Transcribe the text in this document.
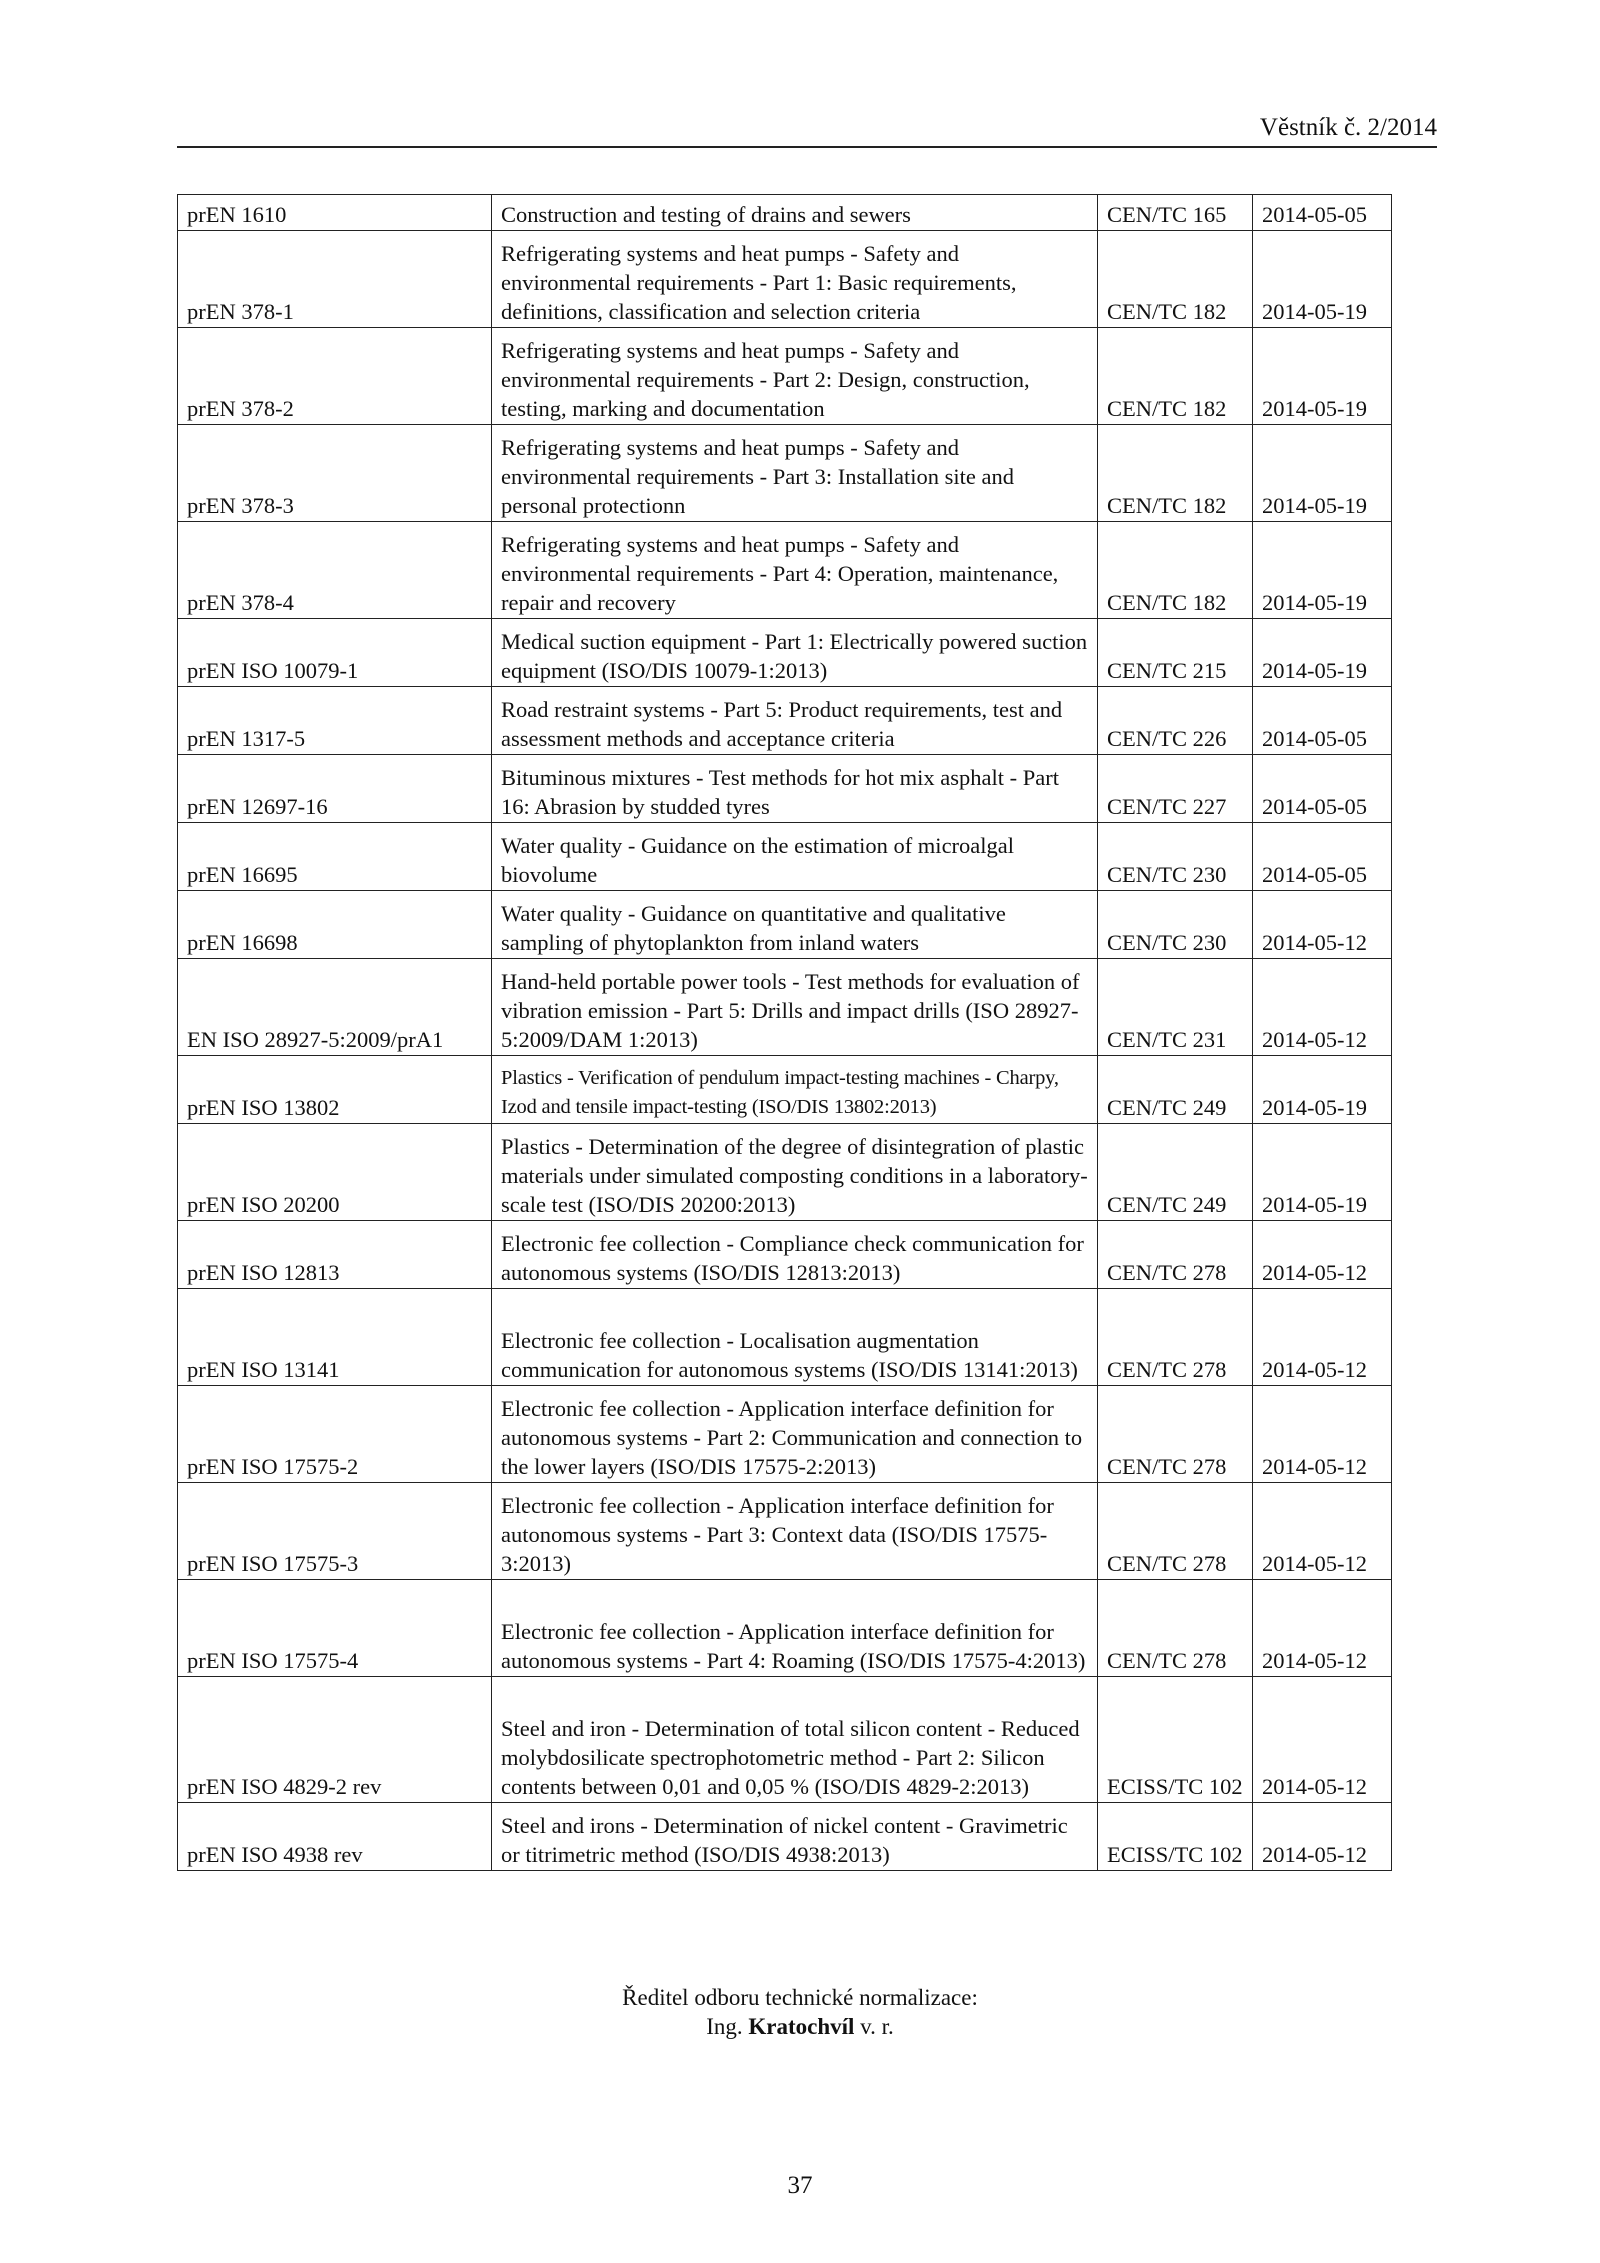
Věstník č. 2/2014
prEN 1610	Construction and testing of drains and sewers	CEN/TC 165	2014-05-05
prEN 378-1	Refrigerating systems and heat pumps - Safety and environmental requirements - Part 1: Basic requirements, definitions, classification and selection criteria	CEN/TC 182	2014-05-19
prEN 378-2	Refrigerating systems and heat pumps - Safety and environmental requirements - Part 2: Design, construction, testing, marking and documentation	CEN/TC 182	2014-05-19
prEN 378-3	Refrigerating systems and heat pumps - Safety and environmental requirements - Part 3: Installation site and personal protectionn	CEN/TC 182	2014-05-19
prEN 378-4	Refrigerating systems and heat pumps - Safety and environmental requirements - Part 4: Operation, maintenance, repair and recovery	CEN/TC 182	2014-05-19
prEN ISO 10079-1	Medical suction equipment - Part 1: Electrically powered suction equipment (ISO/DIS 10079-1:2013)	CEN/TC 215	2014-05-19
prEN 1317-5	Road restraint systems - Part 5: Product requirements, test and assessment methods and acceptance criteria	CEN/TC 226	2014-05-05
prEN 12697-16	Bituminous mixtures - Test methods for hot mix asphalt - Part 16: Abrasion by studded tyres	CEN/TC 227	2014-05-05
prEN 16695	Water quality - Guidance on the estimation of microalgal biovolume	CEN/TC 230	2014-05-05
prEN 16698	Water quality - Guidance on quantitative and qualitative sampling of phytoplankton from inland waters	CEN/TC 230	2014-05-12
EN ISO 28927-5:2009/prA1	Hand-held portable power tools - Test methods for evaluation of vibration emission - Part 5: Drills and impact drills (ISO 28927-5:2009/DAM 1:2013)	CEN/TC 231	2014-05-12
prEN ISO 13802	Plastics - Verification of pendulum impact-testing machines - Charpy, Izod and tensile impact-testing (ISO/DIS 13802:2013)	CEN/TC 249	2014-05-19
prEN ISO 20200	Plastics - Determination of the degree of disintegration of plastic materials under simulated composting conditions in a laboratory-scale test (ISO/DIS 20200:2013)	CEN/TC 249	2014-05-19
prEN ISO 12813	Electronic fee collection - Compliance check communication for autonomous systems (ISO/DIS 12813:2013)	CEN/TC 278	2014-05-12
prEN ISO 13141	Electronic fee collection - Localisation augmentation communication for autonomous systems (ISO/DIS 13141:2013)	CEN/TC 278	2014-05-12
prEN ISO 17575-2	Electronic fee collection - Application interface definition for autonomous systems - Part 2: Communication and connection to the lower layers (ISO/DIS 17575-2:2013)	CEN/TC 278	2014-05-12
prEN ISO 17575-3	Electronic fee collection - Application interface definition for autonomous systems - Part 3: Context data (ISO/DIS 17575-3:2013)	CEN/TC 278	2014-05-12
prEN ISO 17575-4	Electronic fee collection - Application interface definition for autonomous systems - Part 4: Roaming (ISO/DIS 17575-4:2013)	CEN/TC 278	2014-05-12
prEN ISO 4829-2 rev	Steel and iron - Determination of total silicon content - Reduced molybdosilicate spectrophotometric method - Part 2: Silicon contents between 0,01 and 0,05 % (ISO/DIS 4829-2:2013)	ECISS/TC 102	2014-05-12
prEN ISO 4938 rev	Steel and irons - Determination of nickel content - Gravimetric or titrimetric method (ISO/DIS 4938:2013)	ECISS/TC 102	2014-05-12
Ředitel odboru technické normalizace:
Ing. Kratochvíl v. r.
37
